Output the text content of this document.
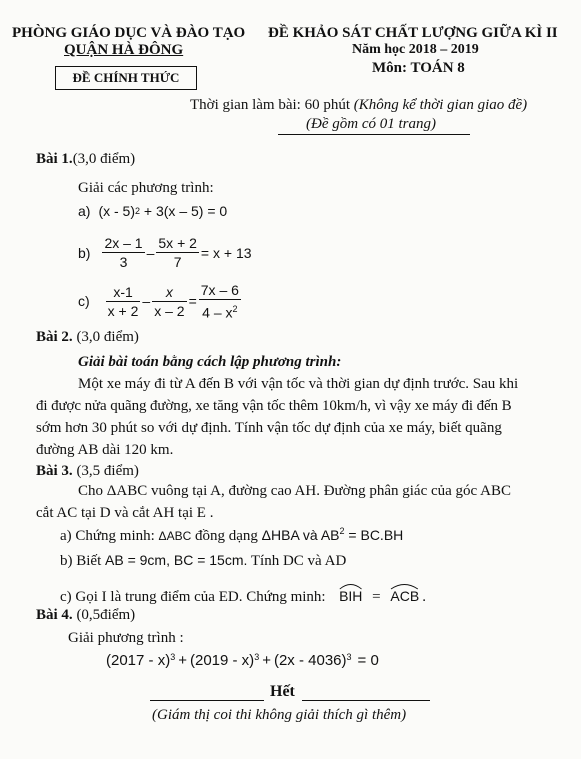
PHÒNG GIÁO DỤC VÀ ĐÀO TẠO
QUẬN HÀ ĐÔNG
ĐỀ CHÍNH THỨC
ĐỀ KHẢO SÁT CHẤT LƯỢNG GIỮA KÌ II
Năm học 2018 – 2019
Môn: TOÁN 8
Thời gian làm bài: 60 phút (Không kể thời gian giao đề)
(Đề gồm có 01 trang)
Bài 1.(3,0 điểm)
Giải các phương trình:
a) (x - 5) 2 + 3(x – 5) = 0
$b) \frac{2x - 1}{3} - \frac{5x + 2}{7} = x + 13$
$c) \frac{x-1}{x + 2} - \frac{x}{x - 2} = \frac{7x - 6}{4 - x^2}$
Bài 2. (3,0 điểm)
Giải bài toán bằng cách lập phương trình:
Một xe máy đi từ A đến B với vận tốc và thời gian dự định trước. Sau khi
đi được nửa quãng đường, xe tăng vận tốc thêm 10km/h, vì vậy xe máy đi đến B
sớm hơn 30 phút so với dự định. Tính vận tốc dự định của xe máy, biết quãng
đường AB dài 120 km.
Bài 3. (3,5 điểm)
Cho ΔABC vuông tại A, đường cao AH. Đường phân giác của góc ABC
cắt AC tại D và cắt AH tại E .
a) Chứng minh: ΔABC đồng dạng ΔHBA và $AB^2 = BC.BH$
b) Biết AB = 9cm, BC = 15cm. Tính DC và AD
c) Gọi I là trung điểm của ED. Chứng minh:
BIH = ACB .
Bài 4. (0,5điểm)
Giải phương trình :
(2017 - x)$^3$ + (2019 - x)$^3$ + (2x - 4036)$^3$ = 0
Hết
(Giám thị coi thi không giải thích gì thêm)
